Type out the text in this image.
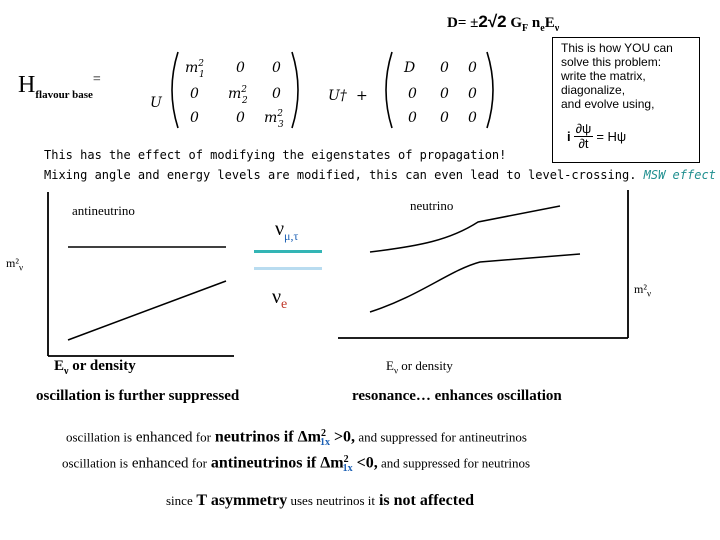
D= ±2√2 $G_F$ $n_eE_\nu$
$H_{flavour base}^=$
U
$m^2$ 1 0 0
0 $m^2$ 2 0
0	0 $m^2$ 3
U† +
D 0 0
0 0 0
0 0 0
This is how YOU can
solve this problem:
write the matrix,
diagonalize,
and evolve using,
i $\frac{\partial\psi}{\partial t} = H\psi$
This has the effect of modifying the eigenstates of propagation!
Mixing angle and energy levels are modified, this can even lead to level-crossing. MSW effect
antineutrino
$m^2_\nu$
$E_\nu$ or density
oscillation is further suppressed
$\nu_{\mu,\tau}$
$\nu_e$
neutrino
$m^2_\nu$
$E_\nu$ or density
resonance… enhances oscillation
oscillation is enhanced for neutrinos if $\Delta m^2_{1x} >0$, and suppressed for antineutrinos
oscillation is enhanced for antineutrinos if $\Delta m^2_{1x} <0$, and suppressed for neutrinos
since T asymmetry uses neutrinos it is not affected
